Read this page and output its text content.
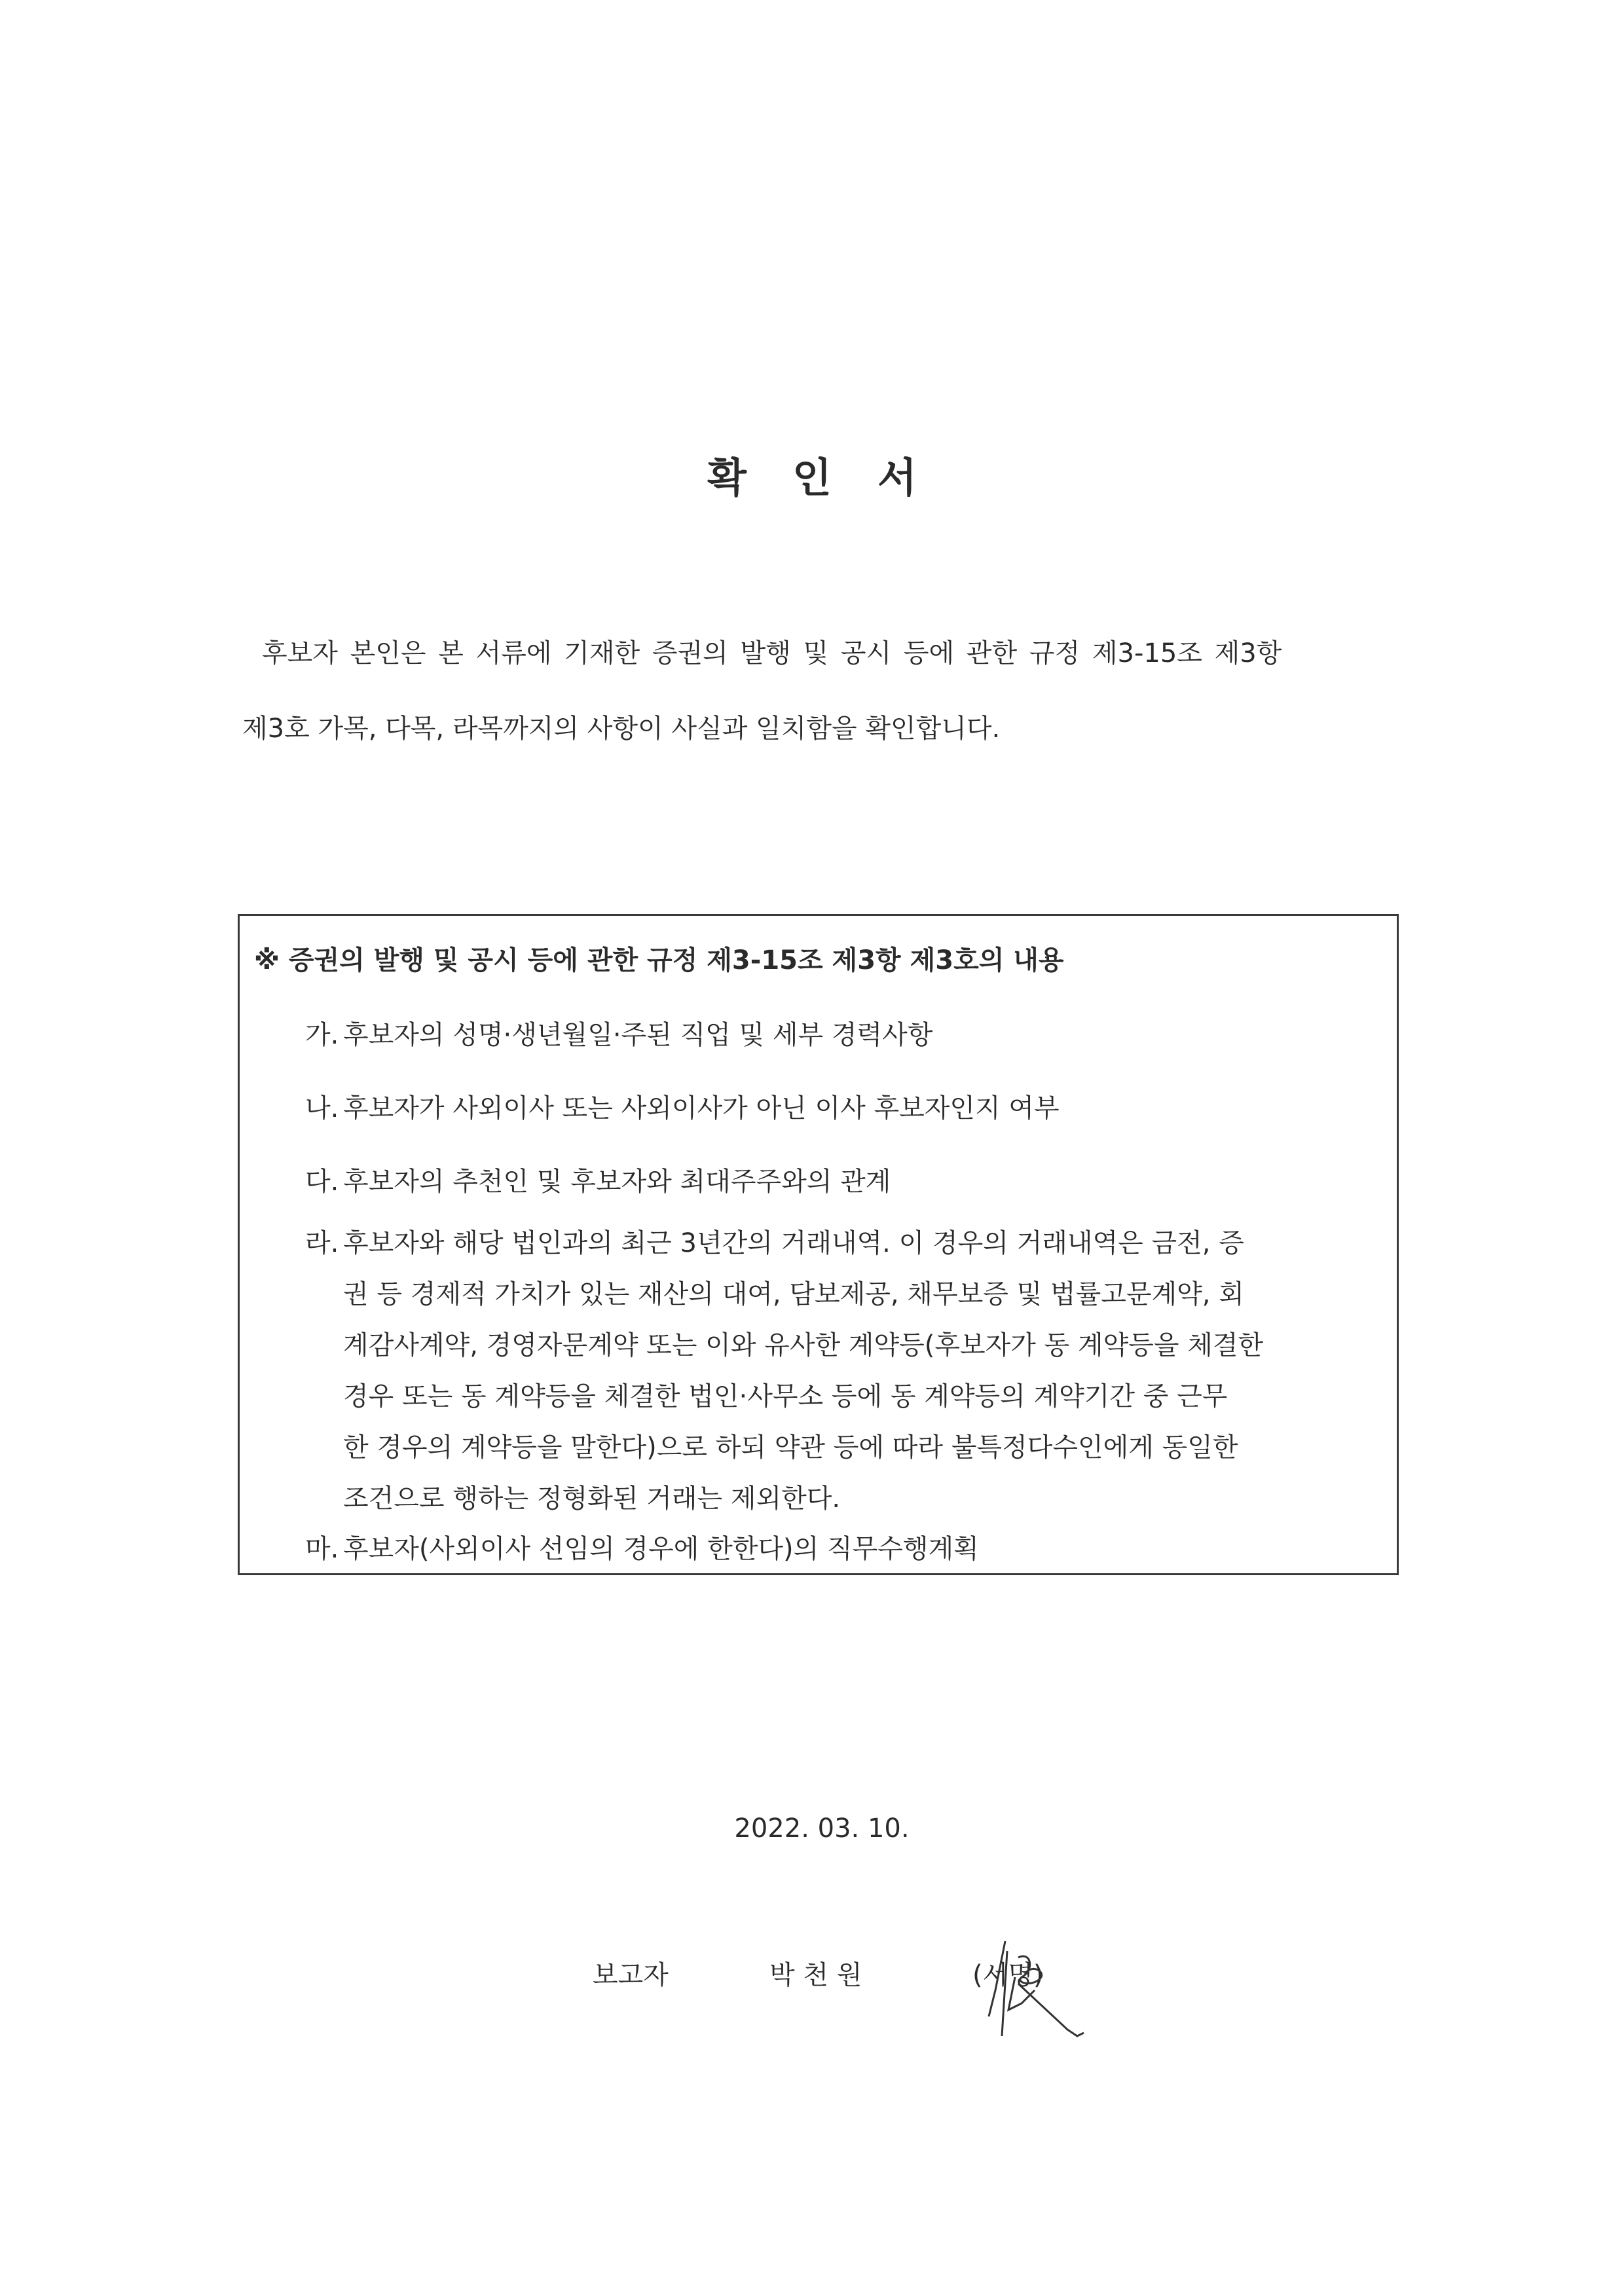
확인서
후보자 본인은 본 서류에 기재한 증권의 발행 및 공시 등에 관한 규정 제3-15조 제3항
제3호 가목, 다목, 라목까지의 사항이 사실과 일치함을 확인합니다.
※ 증권의 발행 및 공시 등에 관한 규정 제3-15조 제3항 제3호의 내용
가. 후보자의 성명·생년월일·주된 직업 및 세부 경력사항
나. 후보자가 사외이사 또는 사외이사가 아닌 이사 후보자인지 여부
다. 후보자의 추천인 및 후보자와 최대주주와의 관계
라. 후보자와 해당 법인과의 최근 3년간의 거래내역. 이 경우의 거래내역은 금전, 증
권 등 경제적 가치가 있는 재산의 대여, 담보제공, 채무보증 및 법률고문계약, 회
계감사계약, 경영자문계약 또는 이와 유사한 계약등(후보자가 동 계약등을 체결한
경우 또는 동 계약등을 체결한 법인·사무소 등에 동 계약등의 계약기간 중 근무
한 경우의 계약등을 말한다)으로 하되 약관 등에 따라 불특정다수인에게 동일한
조건으로 행하는 정형화된 거래는 제외한다.
마. 후보자(사외이사 선임의 경우에 한한다)의 직무수행계획
2022. 03. 10.
보고자	박 천 원	(서명)
